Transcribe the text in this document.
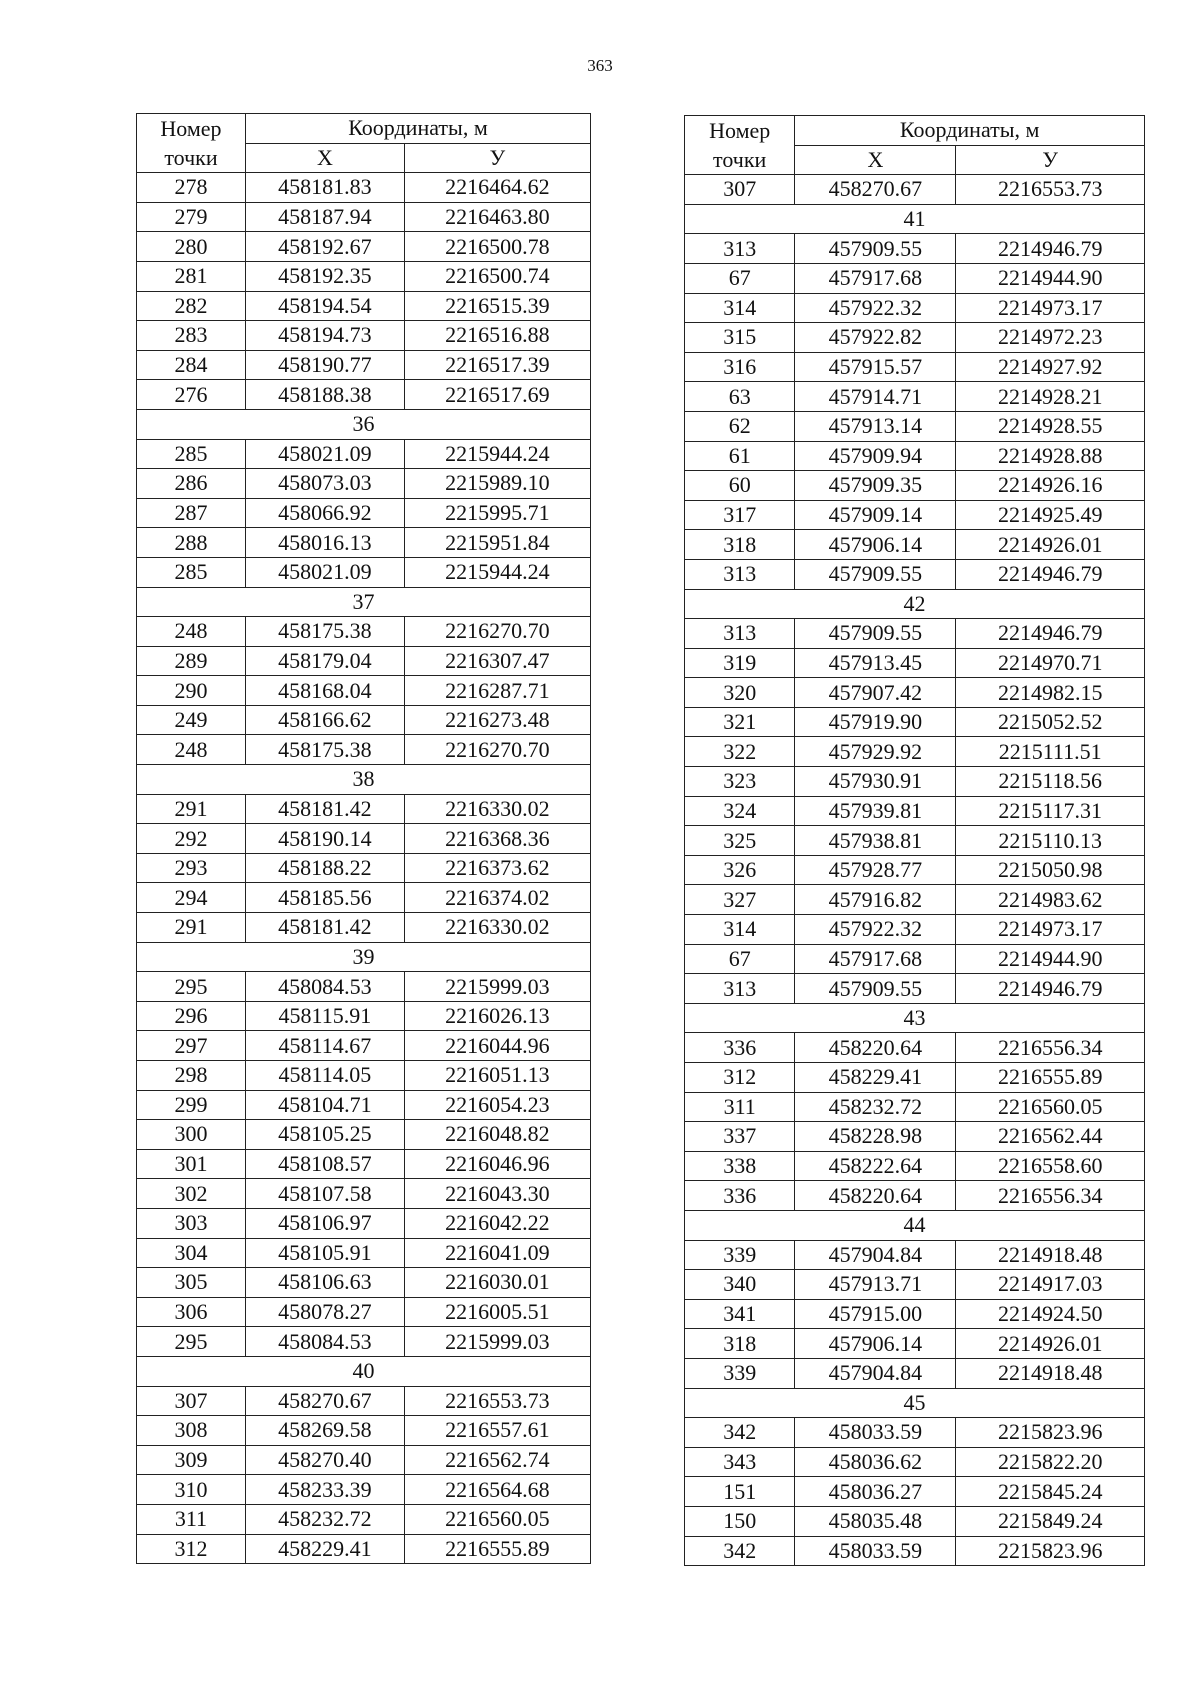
363
Номер	Координаты, м	
точки	X	У
278	458181.83	2216464.62
279	458187.94	2216463.80
280	458192.67	2216500.78
281	458192.35	2216500.74
282	458194.54	2216515.39
283	458194.73	2216516.88
284	458190.77	2216517.39
276	458188.38	2216517.69
36		
285	458021.09	2215944.24
286	458073.03	2215989.10
287	458066.92	2215995.71
288	458016.13	2215951.84
285	458021.09	2215944.24
37		
248	458175.38	2216270.70
289	458179.04	2216307.47
290	458168.04	2216287.71
249	458166.62	2216273.48
248	458175.38	2216270.70
38		
291	458181.42	2216330.02
292	458190.14	2216368.36
293	458188.22	2216373.62
294	458185.56	2216374.02
291	458181.42	2216330.02
39		
295	458084.53	2215999.03
296	458115.91	2216026.13
297	458114.67	2216044.96
298	458114.05	2216051.13
299	458104.71	2216054.23
300	458105.25	2216048.82
301	458108.57	2216046.96
302	458107.58	2216043.30
303	458106.97	2216042.22
304	458105.91	2216041.09
305	458106.63	2216030.01
306	458078.27	2216005.51
295	458084.53	2215999.03
40		
307	458270.67	2216553.73
308	458269.58	2216557.61
309	458270.40	2216562.74
310	458233.39	2216564.68
311	458232.72	2216560.05
312	458229.41	2216555.89
Номер	Координаты, м	
точки	X	У
307	458270.67	2216553.73
41		
313	457909.55	2214946.79
67	457917.68	2214944.90
314	457922.32	2214973.17
315	457922.82	2214972.23
316	457915.57	2214927.92
63	457914.71	2214928.21
62	457913.14	2214928.55
61	457909.94	2214928.88
60	457909.35	2214926.16
317	457909.14	2214925.49
318	457906.14	2214926.01
313	457909.55	2214946.79
42		
313	457909.55	2214946.79
319	457913.45	2214970.71
320	457907.42	2214982.15
321	457919.90	2215052.52
322	457929.92	2215111.51
323	457930.91	2215118.56
324	457939.81	2215117.31
325	457938.81	2215110.13
326	457928.77	2215050.98
327	457916.82	2214983.62
314	457922.32	2214973.17
67	457917.68	2214944.90
313	457909.55	2214946.79
43		
336	458220.64	2216556.34
312	458229.41	2216555.89
311	458232.72	2216560.05
337	458228.98	2216562.44
338	458222.64	2216558.60
336	458220.64	2216556.34
44		
339	457904.84	2214918.48
340	457913.71	2214917.03
341	457915.00	2214924.50
318	457906.14	2214926.01
339	457904.84	2214918.48
45		
342	458033.59	2215823.96
343	458036.62	2215822.20
151	458036.27	2215845.24
150	458035.48	2215849.24
342	458033.59	2215823.96
